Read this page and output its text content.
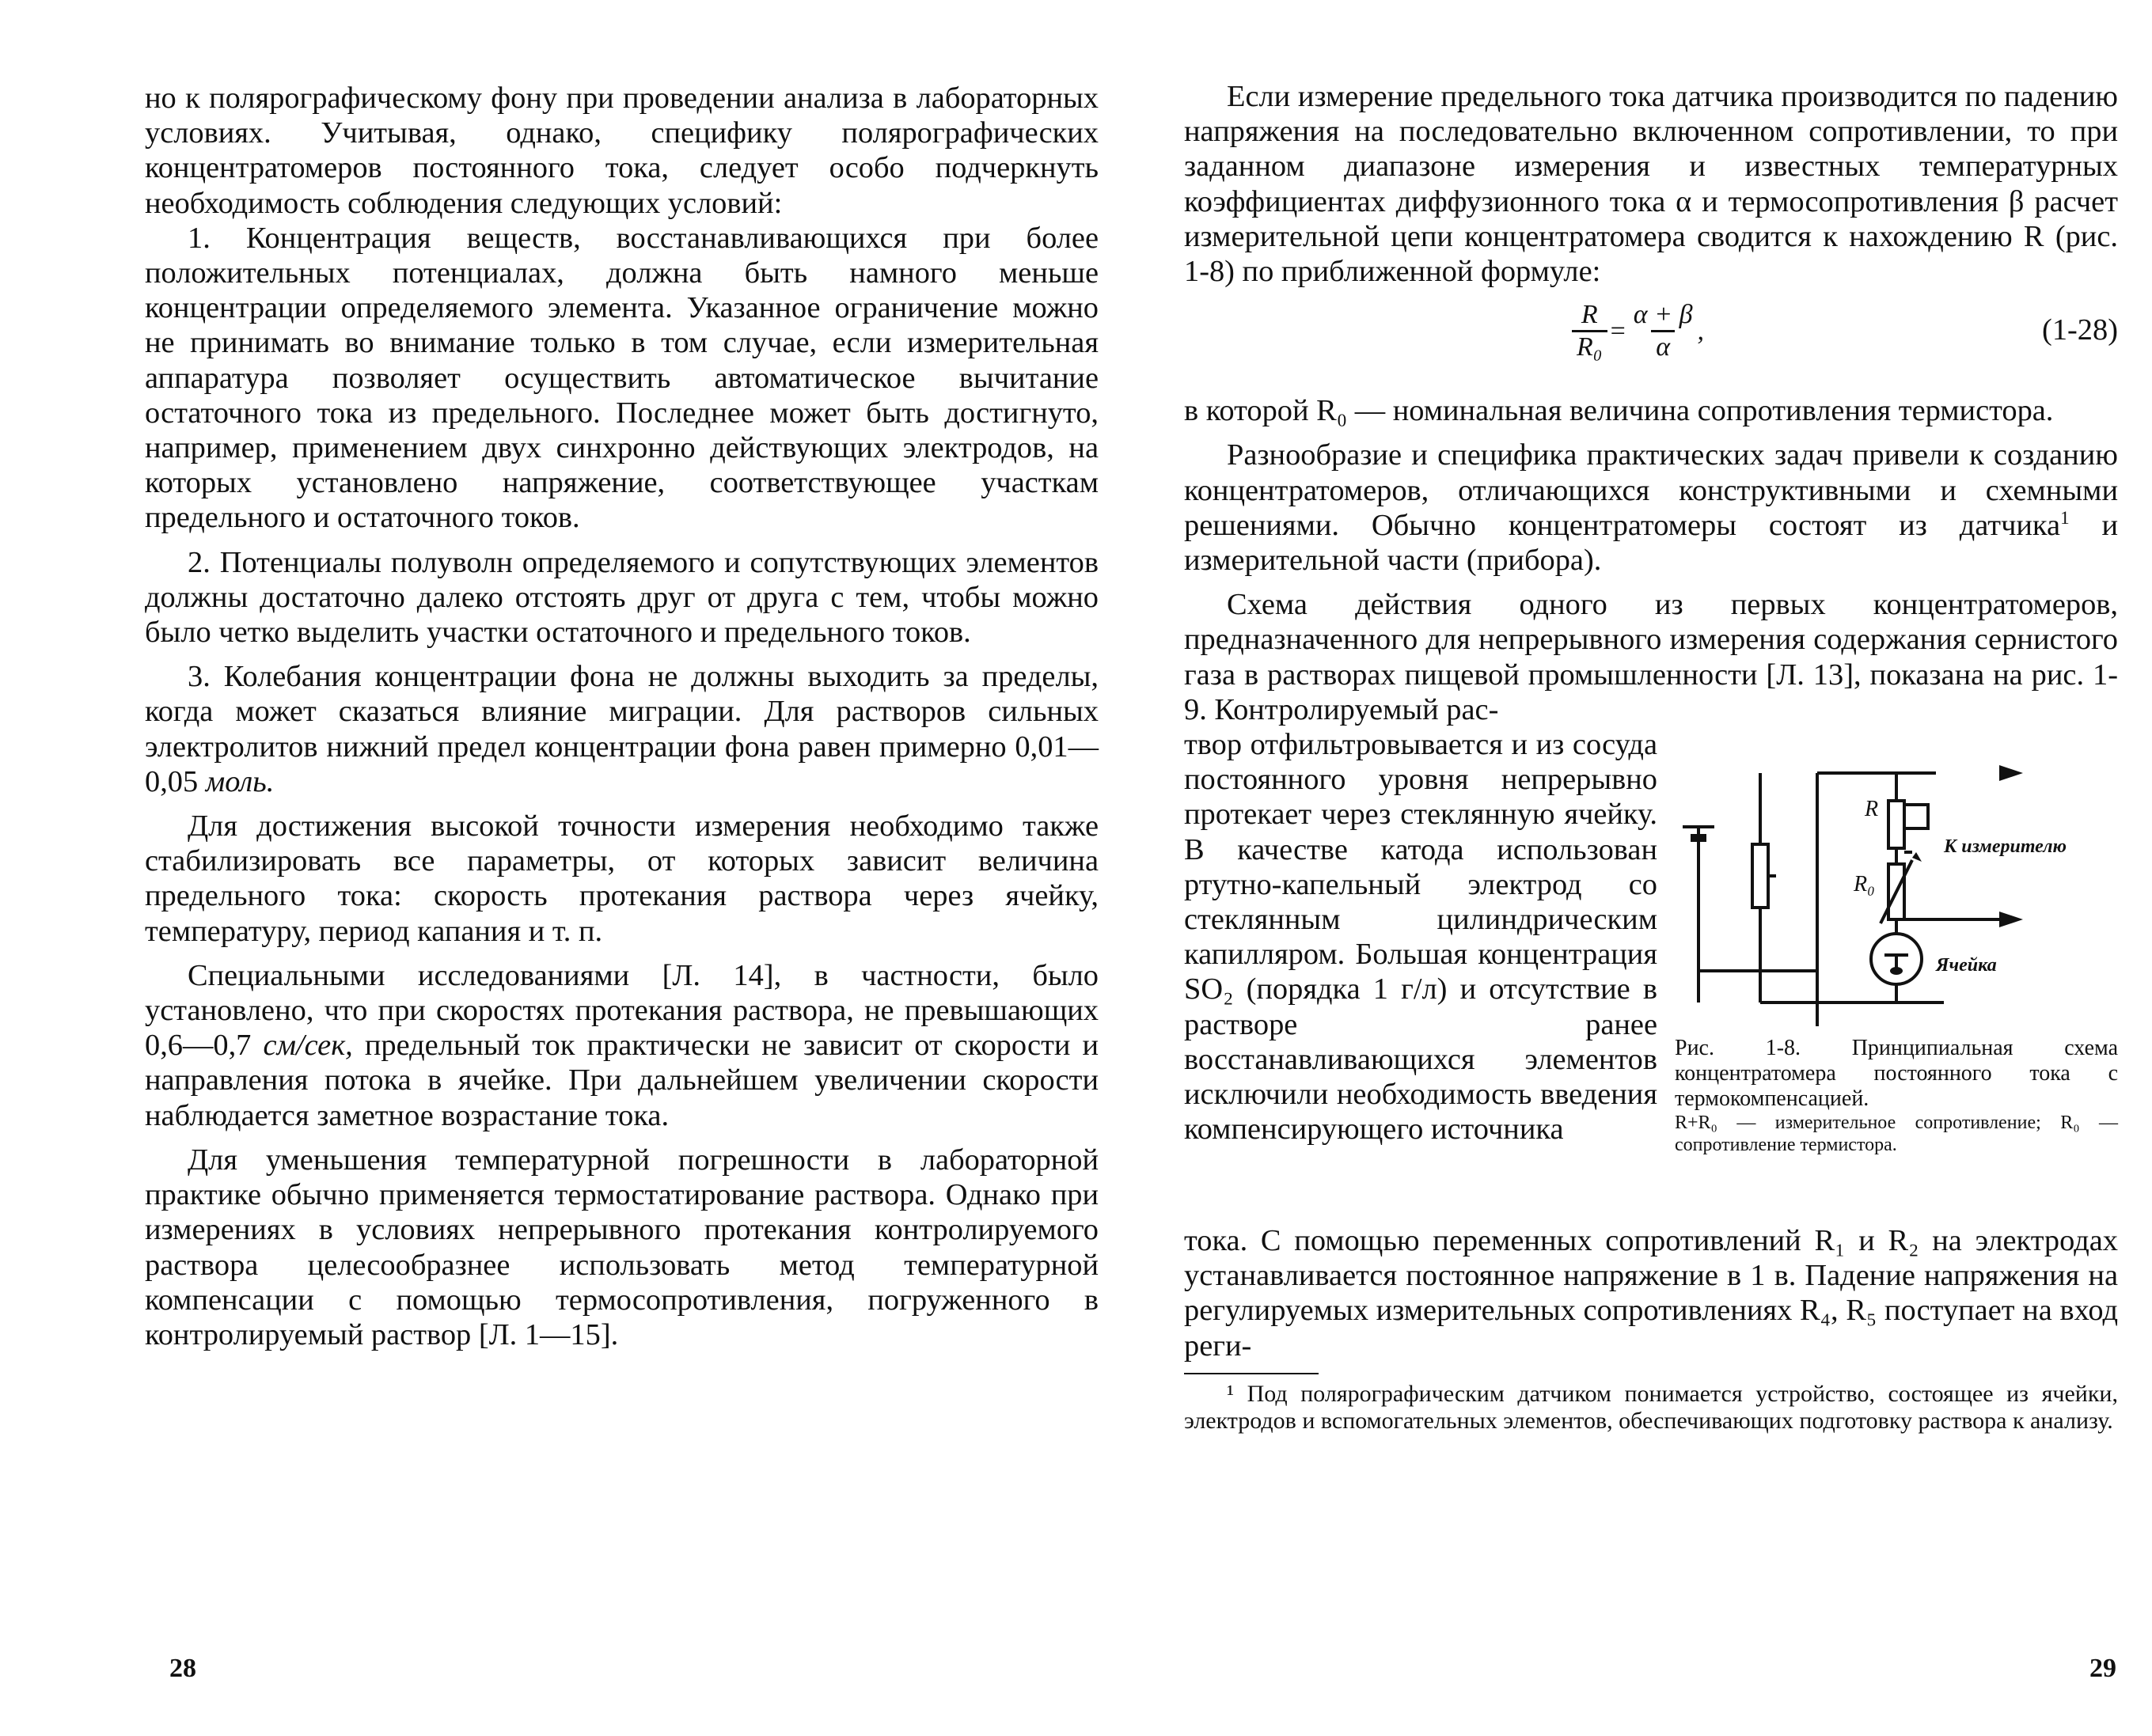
но к полярографическому фону при проведении анализа в лабораторных условиях. Учитывая, однако, специфику полярографических концентратомеров постоянного тока, следует особо подчеркнуть необходимость соблюдения следующих условий:

1. Концентрация веществ, восстанавливающихся при более положительных потенциалах, должна быть намного меньше концентрации определяемого элемента. Указанное ограничение можно не принимать во внимание только в том случае, если измерительная аппаратура позволяет осуществить автоматическое вычитание остаточного тока из предельного. Последнее может быть достигнуто, например, применением двух синхронно действующих электродов, на которых установлено напряжение, соответствующее участкам предельного и остаточного токов.

2. Потенциалы полуволн определяемого и сопутствующих элементов должны достаточно далеко отстоять друг от друга с тем, чтобы можно было четко выделить участки остаточного и предельного токов.

3. Колебания концентрации фона не должны выходить за пределы, когда может сказаться влияние миграции. Для растворов сильных электролитов нижний предел концентрации фона равен примерно 0,01—0,05 моль.

Для достижения высокой точности измерения необходимо также стабилизировать все параметры, от которых зависит величина предельного тока: скорость протекания раствора через ячейку, температуру, период капания и т. п.

Специальными исследованиями [Л. 14], в частности, было установлено, что при скоростях протекания раствора, не превышающих 0,6—0,7 см/сек, предельный ток практически не зависит от скорости и направления потока в ячейке. При дальнейшем увеличении скорости наблюдается заметное возрастание тока.

Для уменьшения температурной погрешности в лабораторной практике обычно применяется термостатирование раствора. Однако при измерениях в условиях непрерывного протекания контролируемого раствора целесообразнее использовать метод температурной компенсации с помощью термосопротивления, погруженного в контролируемый раствор [Л. 1—15].

28

Если измерение предельного тока датчика производится по падению напряжения на последовательно включенном сопротивлении, то при заданном диапазоне измерения и известных температурных коэффициентах диффузионного тока α и термосопротивления β расчет измерительной цепи концентратомера сводится к нахождению R (рис. 1-8) по приближенной формуле:

$\frac{R}{\text{R₀}} = \frac{\alpha + \beta}{\alpha}$ ,	(1-28)

в которой R₀ — номинальная величина сопротивления термистора.

Разнообразие и специфика практических задач привели к созданию концентратомеров, отличающихся конструктивными и схемными решениями. Обычно концентратомеры состоят из датчика$^1$ и измерительной части (прибора).

Схема действия одного из первых концентратомеров, предназначенного для непрерывного измерения содержания сернистого газа в растворах пищевой промышленности [Л. 13], показана на рис. 1-9. Контролируемый рас-

твор отфильтровывается и из сосуда постоянного уровня непрерывно протекает через стеклянную ячейку. В качестве катода использован ртутно-капельный электрод со стеклянным цилиндрическим капилляром. Большая концентрация SO₂ (порядка 1 г/л) и отсутствие в растворе ранее восстанавливающихся элементов исключили необходимость введения компенсирующего источника

R
R₀
К измерителю
Ячейка

Рис. 1-8. Принципиальная схема концентратомера постоянного тока с термокомпенсацией.

R+R₀ — измерительное сопротивление; R₀ — сопротивление термистора.

тока. С помощью переменных сопротивлений R₁ и R₂ на электродах устанавливается постоянное напряжение в 1 в. Падение напряжения на регулируемых измерительных сопротивлениях R₄, R₅ поступает на вход реги-

¹ Под полярографическим датчиком понимается устройство, состоящее из ячейки, электродов и вспомогательных элементов, обеспечивающих подготовку раствора к анализу.

29
